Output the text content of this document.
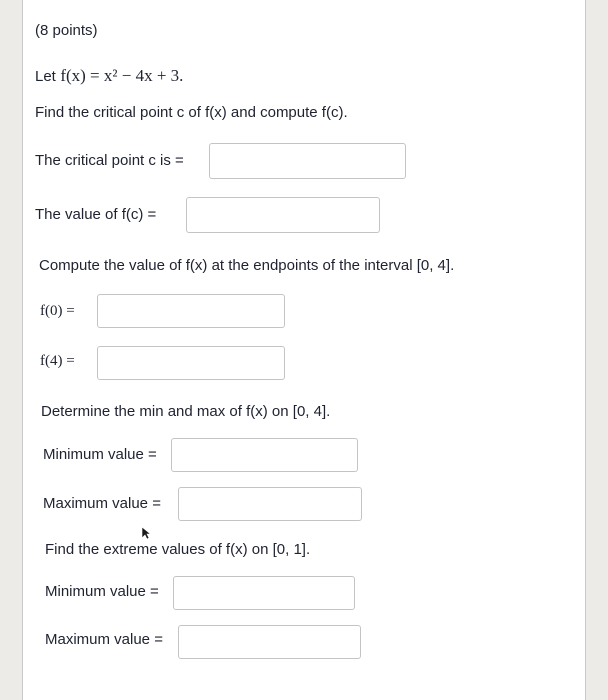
(8 points)
Let f(x) = x² − 4x + 3.
Find the critical point c of f(x) and compute f(c).
The critical point c is =
The value of f(c) =
Compute the value of f(x) at the endpoints of the interval [0, 4].
f(0) =
f(4) =
Determine the min and max of f(x) on [0, 4].
Minimum value =
Maximum value =
Find the extreme values of f(x) on [0, 1].
Minimum value =
Maximum value =
